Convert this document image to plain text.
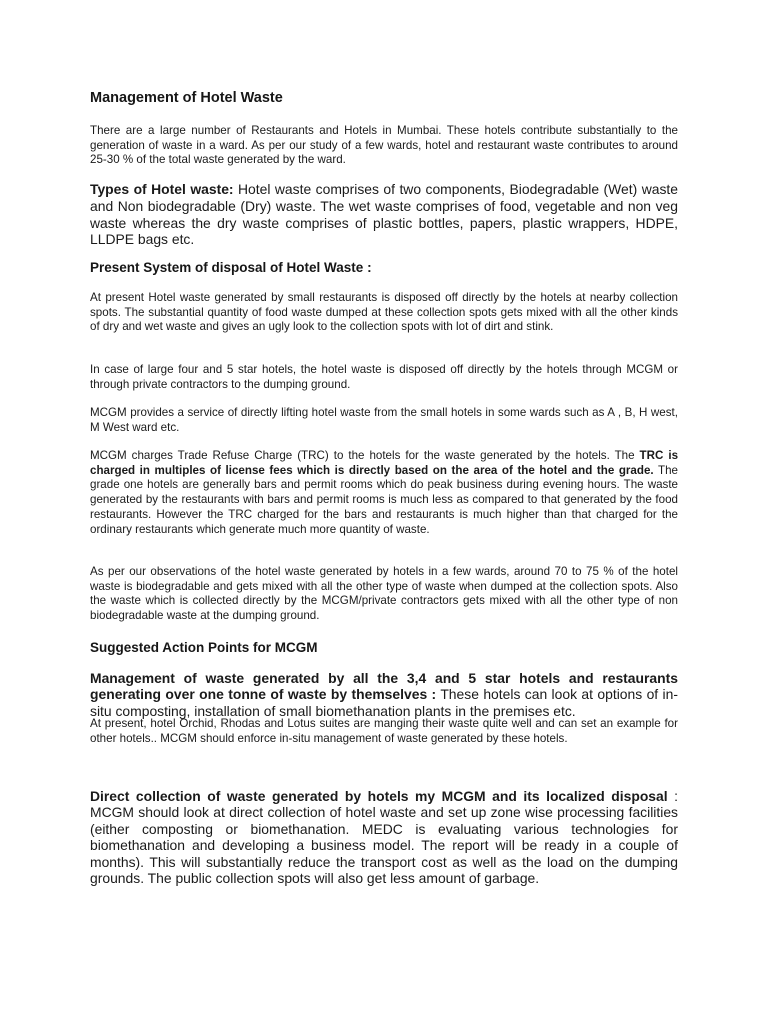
Management of Hotel Waste

There are a large number of Restaurants and Hotels in Mumbai. These hotels contribute substantially to the generation of waste in a ward. As per our study of a few wards, hotel and restaurant waste contributes to around 25-30 % of the total waste generated by the ward.

Types of Hotel waste: Hotel waste comprises of two components, Biodegradable (Wet) waste and Non biodegradable (Dry) waste. The wet waste comprises of food, vegetable and non veg waste whereas the dry waste comprises of plastic bottles, papers, plastic wrappers, HDPE, LLDPE bags etc.

Present System of disposal of Hotel Waste :

At present Hotel waste generated by small restaurants is disposed off directly by the hotels at nearby collection spots. The substantial quantity of food waste dumped at these collection spots gets mixed with all the other kinds of dry and wet waste and gives an ugly look to the collection spots with lot of dirt and stink.

In case of large four and 5 star hotels, the hotel waste is disposed off directly by the hotels through MCGM or through private contractors to the dumping ground.

MCGM provides a service of directly lifting hotel waste from the small hotels in some wards such as A , B, H west, M West ward etc.

MCGM charges Trade Refuse Charge (TRC) to the hotels for the waste generated by the hotels. The TRC is charged in multiples of license fees which is directly based on the area of the hotel and the grade. The grade one hotels are generally bars and permit rooms which do peak business during evening hours. The waste generated by the restaurants with bars and permit rooms is much less as compared to that generated by the food restaurants. However the TRC charged for the bars and restaurants is much higher than that charged for the ordinary restaurants which generate much more quantity of waste.

As per our observations of the hotel waste generated by hotels in a few wards, around 70 to 75 % of the hotel waste is biodegradable and gets mixed with all the other type of waste when dumped at the collection spots. Also the waste which is collected directly by the MCGM/private contractors gets mixed with all the other type of non biodegradable waste at the dumping ground.

Suggested Action Points for MCGM

Management of waste generated by all the 3,4 and 5 star hotels and restaurants generating over one tonne of waste by themselves : These hotels can look at options of in-situ composting, installation of small biomethanation plants in the premises etc.

At present, hotel Orchid, Rhodas and Lotus suites are manging their waste quite well and can set an example for other hotels.. MCGM should enforce in-situ management of waste generated by these hotels.

Direct collection of waste generated by hotels my MCGM and its localized disposal : MCGM should look at direct collection of hotel waste and set up zone wise processing facilities (either composting or biomethanation. MEDC is evaluating various technologies for biomethanation and developing a business model. The report will be ready in a couple of months). This will substantially reduce the transport cost as well as the load on the dumping grounds. The public collection spots will also get less amount of garbage.
